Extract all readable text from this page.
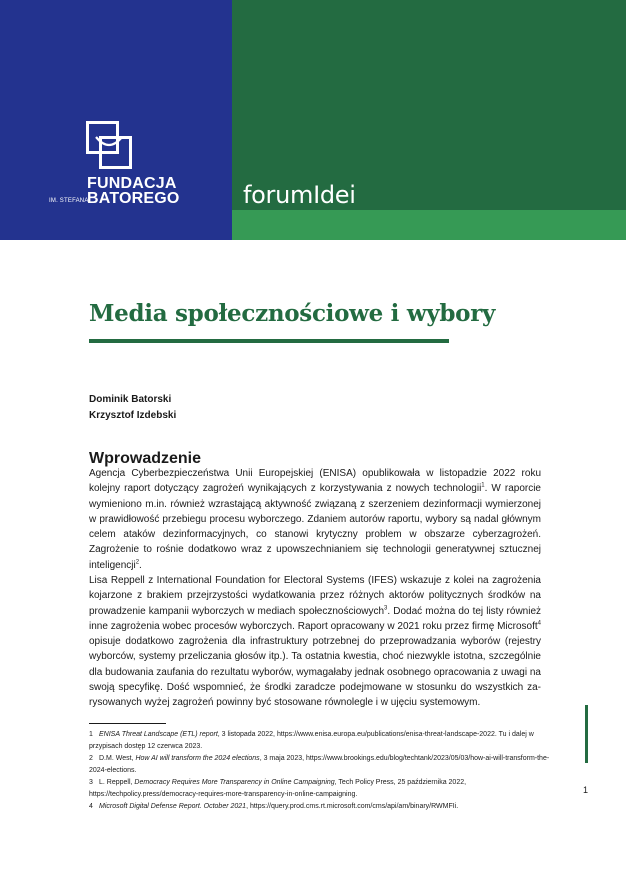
FUNDACJA
BATOREGO
IM. STEFANA	forumIdei
Media społecznościowe i wybory
Dominik Batorski
Krzysztof Izdebski
Wprowadzenie

Agencja Cyberbezpieczeństwa Unii Europejskiej (ENISA) opublikowała w listopadzie 2022 roku kolejny raport dotyczący zagrożeń wynikających z korzystywania z nowych technologii$^1$. W raporcie wymieniono m.in. również wzrastającą aktywność związaną z szerzeniem dezinformacji wymierzonej w prawidłowość przebiegu procesu wyborczego. Zdaniem autorów raportu, wybory są nadal głównym celem ataków dezinformacyjnych, co stanowi krytyczny problem w obszarze cyberzagrożeń. Zagrożenie to rośnie dodatkowo wraz z upowszechnianiem się technologii generatywnej sztucznej inteligencji$^2$.

Lisa Reppell z International Foundation for Electoral Systems (IFES) wskazuje z kolei na zagrożenia kojarzone z brakiem przejrzystości wydatkowania przez różnych aktorów politycznych środków na prowadzenie kampanii wyborczych w mediach społecznościowych$^3$. Dodać można do tej listy również inne zagrożenia wobec procesów wyborczych. Raport opracowany w 2021 roku przez firmę Microsoft$^4$ opisuje dodatkowo zagrożenia dla infrastruktury potrzebnej do przeprowadzania wyborów (rejestry wyborców, systemy przeliczania głosów itp.). Ta ostatnia kwestia, choć niezwykle istotna, szczególnie dla budowania zaufania do rezultatu wyborów, wymagałaby jednak osobnego opracowania z uwagi na swoją specyfikę. Dość wspomnieć, że środki zaradcze podejmowane w stosunku do wszystkich zarysowanych wyżej zagrożeń powinny być stosowane równolegle i w ujęciu systemowym.

1 ENISA Threat Landscape (ETL) report, 3 listopada 2022, https://www.enisa.europa.eu/publications/enisa-threat-landscape-2022. Tu i dalej w przypisach dostęp 12 czerwca 2023.

2 D.M. West, How AI will transform the 2024 elections, 3 maja 2023, https://www.brookings.edu/blog/techtank/2023/05/03/how-ai-will-transform-the-2024-elections.

3 L. Reppell, Democracy Requires More Transparency in Online Campaigning, Tech Policy Press, 25 października 2022, https://techpolicy.press/democracy-requires-more-transparency-in-online-campaigning.

4 Microsoft Digital Defense Report. October 2021, https://query.prod.cms.rt.microsoft.com/cms/api/am/binary/RWMFIi.

1
